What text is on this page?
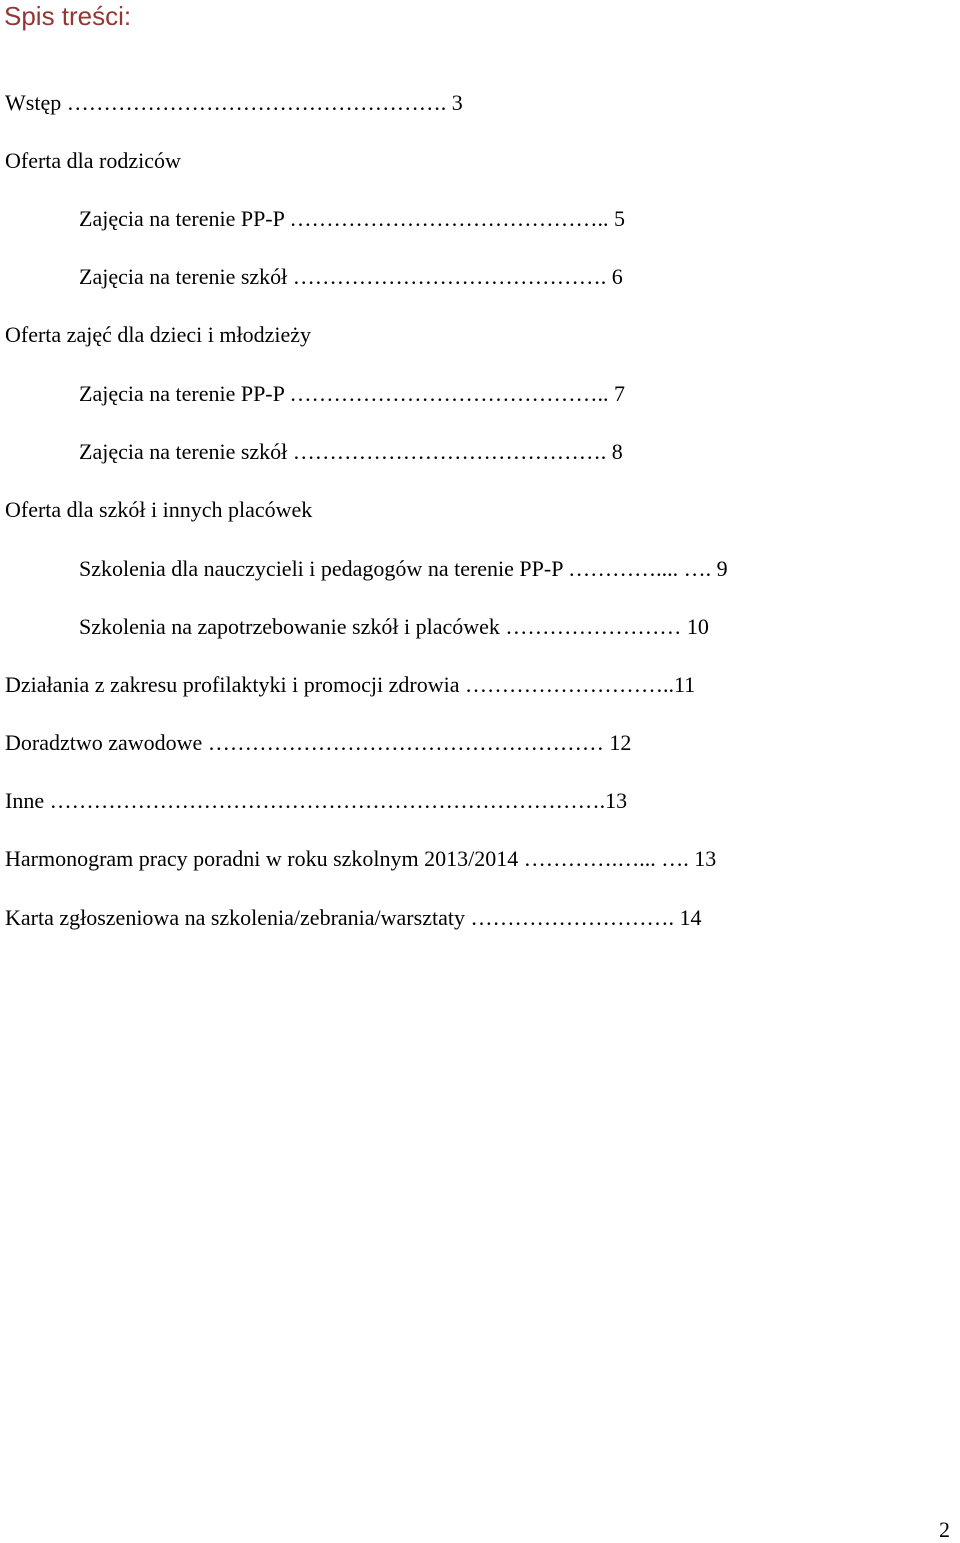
Spis treści:
Wstęp ……………………………………………. 3
Oferta dla rodziców
Zajęcia na terenie PP-P …………………………………….. 5
Zajęcia na terenie szkół ……………………………………. 6
Oferta zajęć dla dzieci i młodzieży
Zajęcia na terenie PP-P …………………………………….. 7
Zajęcia na terenie szkół ……………………………………. 8
Oferta dla szkół i innych placówek
Szkolenia dla nauczycieli i pedagogów na terenie PP-P ………….... …. 9
Szkolenia na zapotrzebowanie szkół i placówek …………………… 10
Działania z zakresu profilaktyki i promocji zdrowia ………………………..11
Doradztwo zawodowe ……………………………………………… 12
Inne ………………………………………………………………….13
Harmonogram pracy poradni w roku szkolnym 2013/2014 ………….…... …. 13
Karta zgłoszeniowa na szkolenia/zebrania/warsztaty ………………………. 14
2
